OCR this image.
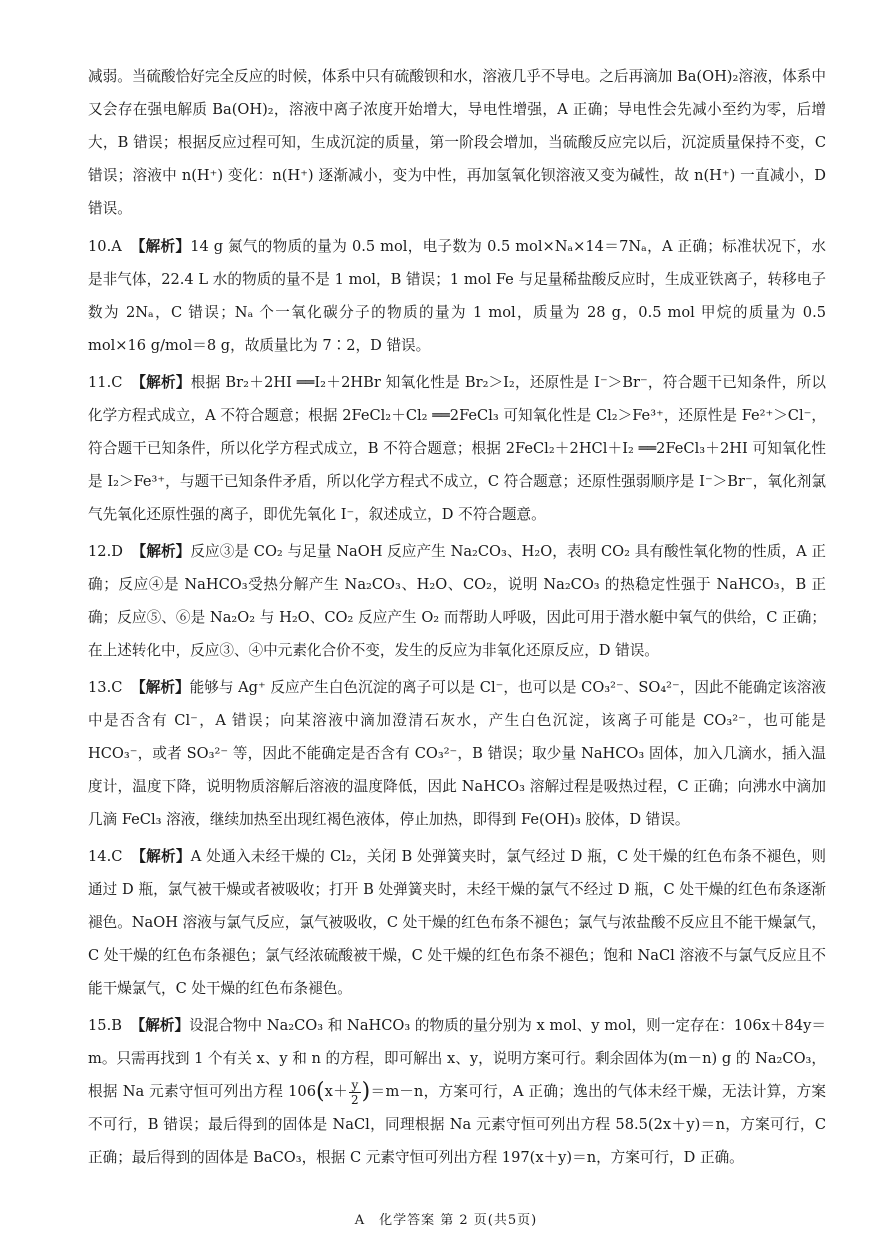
减弱。当硫酸恰好完全反应的时候，体系中只有硫酸钡和水，溶液几乎不导电。之后再滴加 Ba(OH)₂溶液，体系中又会存在强电解质 Ba(OH)₂，溶液中离子浓度开始增大，导电性增强，A 正确；导电性会先减小至约为零，后增大，B 错误；根据反应过程可知，生成沉淀的质量，第一阶段会增加，当硫酸反应完以后，沉淀质量保持不变，C 错误；溶液中 n(H⁺) 变化：n(H⁺) 逐渐减小，变为中性，再加氢氧化钡溶液又变为碱性，故 n(H⁺) 一直减小，D 错误。

10.A 【解析】14 g 氮气的物质的量为 0.5 mol，电子数为 0.5 mol×Nₐ×14＝7Nₐ，A 正确；标准状况下，水是非气体，22.4 L 水的物质的量不是 1 mol，B 错误；1 mol Fe 与足量稀盐酸反应时，生成亚铁离子，转移电子数为 2Nₐ，C 错误；Nₐ 个一氧化碳分子的物质的量为 1 mol，质量为 28 g，0.5 mol 甲烷的质量为 0.5 mol×16 g/mol＝8 g，故质量比为 7∶2，D 错误。

11.C 【解析】根据 Br₂＋2HI ══I₂＋2HBr 知氧化性是 Br₂＞I₂，还原性是 I⁻＞Br⁻，符合题干已知条件，所以化学方程式成立，A 不符合题意；根据 2FeCl₂＋Cl₂ ══2FeCl₃ 可知氧化性是 Cl₂＞Fe³⁺，还原性是 Fe²⁺＞Cl⁻，符合题干已知条件，所以化学方程式成立，B 不符合题意；根据 2FeCl₂＋2HCl＋I₂ ══2FeCl₃＋2HI 可知氧化性是 I₂＞Fe³⁺，与题干已知条件矛盾，所以化学方程式不成立，C 符合题意；还原性强弱顺序是 I⁻＞Br⁻，氧化剂氯气先氧化还原性强的离子，即优先氧化 I⁻，叙述成立，D 不符合题意。

12.D 【解析】反应③是 CO₂ 与足量 NaOH 反应产生 Na₂CO₃、H₂O，表明 CO₂ 具有酸性氧化物的性质，A 正确；反应④是 NaHCO₃受热分解产生 Na₂CO₃、H₂O、CO₂，说明 Na₂CO₃ 的热稳定性强于 NaHCO₃，B 正确；反应⑤、⑥是 Na₂O₂ 与 H₂O、CO₂ 反应产生 O₂ 而帮助人呼吸，因此可用于潜水艇中氧气的供给，C 正确；在上述转化中，反应③、④中元素化合价不变，发生的反应为非氧化还原反应，D 错误。

13.C 【解析】能够与 Ag⁺ 反应产生白色沉淀的离子可以是 Cl⁻，也可以是 CO₃²⁻、SO₄²⁻，因此不能确定该溶液中是否含有 Cl⁻，A 错误；向某溶液中滴加澄清石灰水，产生白色沉淀，该离子可能是 CO₃²⁻，也可能是 HCO₃⁻，或者 SO₃²⁻ 等，因此不能确定是否含有 CO₃²⁻，B 错误；取少量 NaHCO₃ 固体，加入几滴水，插入温度计，温度下降，说明物质溶解后溶液的温度降低，因此 NaHCO₃ 溶解过程是吸热过程，C 正确；向沸水中滴加几滴 FeCl₃ 溶液，继续加热至出现红褐色液体，停止加热，即得到 Fe(OH)₃ 胶体，D 错误。

14.C 【解析】A 处通入未经干燥的 Cl₂，关闭 B 处弹簧夹时，氯气经过 D 瓶，C 处干燥的红色布条不褪色，则通过 D 瓶，氯气被干燥或者被吸收；打开 B 处弹簧夹时，未经干燥的氯气不经过 D 瓶，C 处干燥的红色布条逐渐褪色。NaOH 溶液与氯气反应，氯气被吸收，C 处干燥的红色布条不褪色；氯气与浓盐酸不反应且不能干燥氯气，C 处干燥的红色布条褪色；氯气经浓硫酸被干燥，C 处干燥的红色布条不褪色；饱和 NaCl 溶液不与氯气反应且不能干燥氯气，C 处干燥的红色布条褪色。

15.B 【解析】设混合物中 Na₂CO₃ 和 NaHCO₃ 的物质的量分别为 x mol、y mol，则一定存在：106x＋84y＝m。只需再找到 1 个有关 x、y 和 n 的方程，即可解出 x、y，说明方案可行。剩余固体为(m－n) g 的 Na₂CO₃，根据 Na 元素守恒可列出方程 $106(x+ \frac{y}{2} )=m-n$，方案可行，A 正确；逸出的气体未经干燥，无法计算，方案不可行，B 错误；最后得到的固体是 NaCl，同理根据 Na 元素守恒可列出方程 58.5(2x＋y)＝n，方案可行，C 正确；最后得到的固体是 BaCO₃，根据 C 元素守恒可列出方程 197(x＋y)＝n，方案可行，D 正确。

A　化学答案 第 2 页(共5页)
